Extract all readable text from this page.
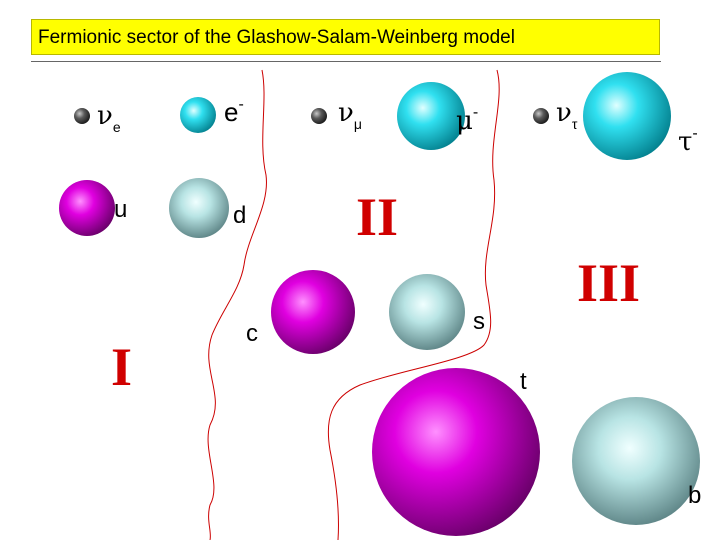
Fermionic sector of the Glashow-Salam-Weinberg model
$\nu_e$	e-	$\nu_\mu$	μ-	$\nu_\tau$
τ-
u	d
c	s
t
b
I
II
III
